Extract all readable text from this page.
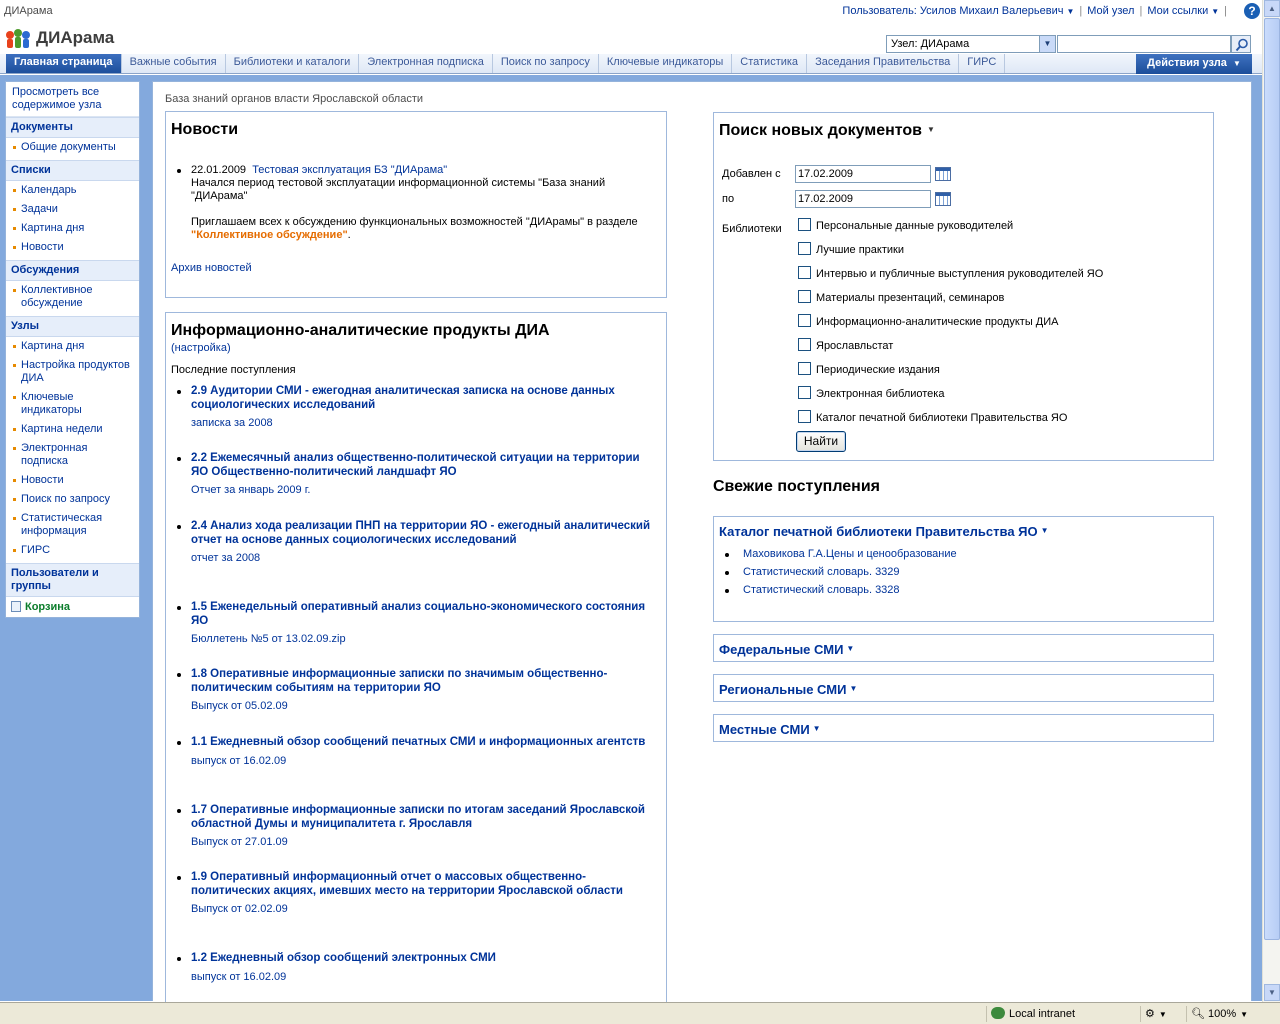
ДИАрама	Пользователь: Усилов Михаил Валерьевич ▼ | Мой узел | Мои ссылки ▼ |	?
ДИАрама	Узел: ДИАрама	▼
Главная страница	Важные события	Библиотеки и каталоги	Электронная подписка	Поиск по запросу	Ключевые индикаторы	Статистика	Заседания Правительства	ГИРС	Действия узла ▼
Просмотреть все содержимое узла
Документы
Общие документы
Списки
Календарь
Задачи
Картина дня
Новости
Обсуждения
Коллективное обсуждение
Узлы
Картина дня
Настройка продуктов ДИА
Ключевые индикаторы
Картина недели
Электронная подписка
Новости
Поиск по запросу
Статистическая информация
ГИРС
Пользователи и группы
Корзина
База знаний органов власти Ярославской области
Новости
22.01.2009 Тестовая эксплуатация БЗ "ДИАрама"
Начался период тестовой эксплуатации информационной системы "База знаний "ДИАрама"
Приглашаем всех к обсуждению функциональных возможностей "ДИАрамы" в разделе "Коллективное обсуждение".
Архив новостей
Информационно-аналитические продукты ДИА
(настройка)
Последние поступления
2.9 Аудитории СМИ - ежегодная аналитическая записка на основе данных социологических исследований
записка за 2008
2.2 Ежемесячный анализ общественно-политической ситуации на территории ЯО Общественно-политический ландшафт ЯО
Отчет за январь 2009 г.
2.4 Анализ хода реализации ПНП на территории ЯО - ежегодный аналитический отчет на основе данных социологических исследований
отчет за 2008
1.5 Еженедельный оперативный анализ социально-экономического состояния ЯО
Бюллетень №5 от 13.02.09.zip
1.8 Оперативные информационные записки по значимым общественно-политическим событиям на территории ЯО
Выпуск от 05.02.09
1.1 Ежедневный обзор сообщений печатных СМИ и информационных агентств
выпуск от 16.02.09
1.7 Оперативные информационные записки по итогам заседаний Ярославской областной Думы и муниципалитета г. Ярославля
Выпуск от 27.01.09
1.9 Оперативный информационный отчет о массовых общественно-политических акциях, имевших место на территории Ярославской области
Выпуск от 02.02.09
1.2 Ежедневный обзор сообщений электронных СМИ
выпуск от 16.02.09
Поиск новых документов ▼
Добавлен с 17.02.2009
по	17.02.2009
Библиотеки	Персональные данные руководителей
Лучшие практики
Интервью и публичные выступления руководителей ЯО
Материалы презентаций, семинаров
Информационно-аналитические продукты ДИА
Ярославльстат
Периодические издания
Электронная библиотека
Каталог печатной библиотеки Правительства ЯО
Найти
Свежие поступления
Каталог печатной библиотеки Правительства ЯО ▼
Маховикова Г.А.Цены и ценообразование
Статистический словарь. 3329
Статистический словарь. 3328
Федеральные СМИ ▼
Региональные СМИ ▼
Местные СМИ ▼
▲
▼
Local intranet	⚙ ▼	🔍︎ 100% ▼
